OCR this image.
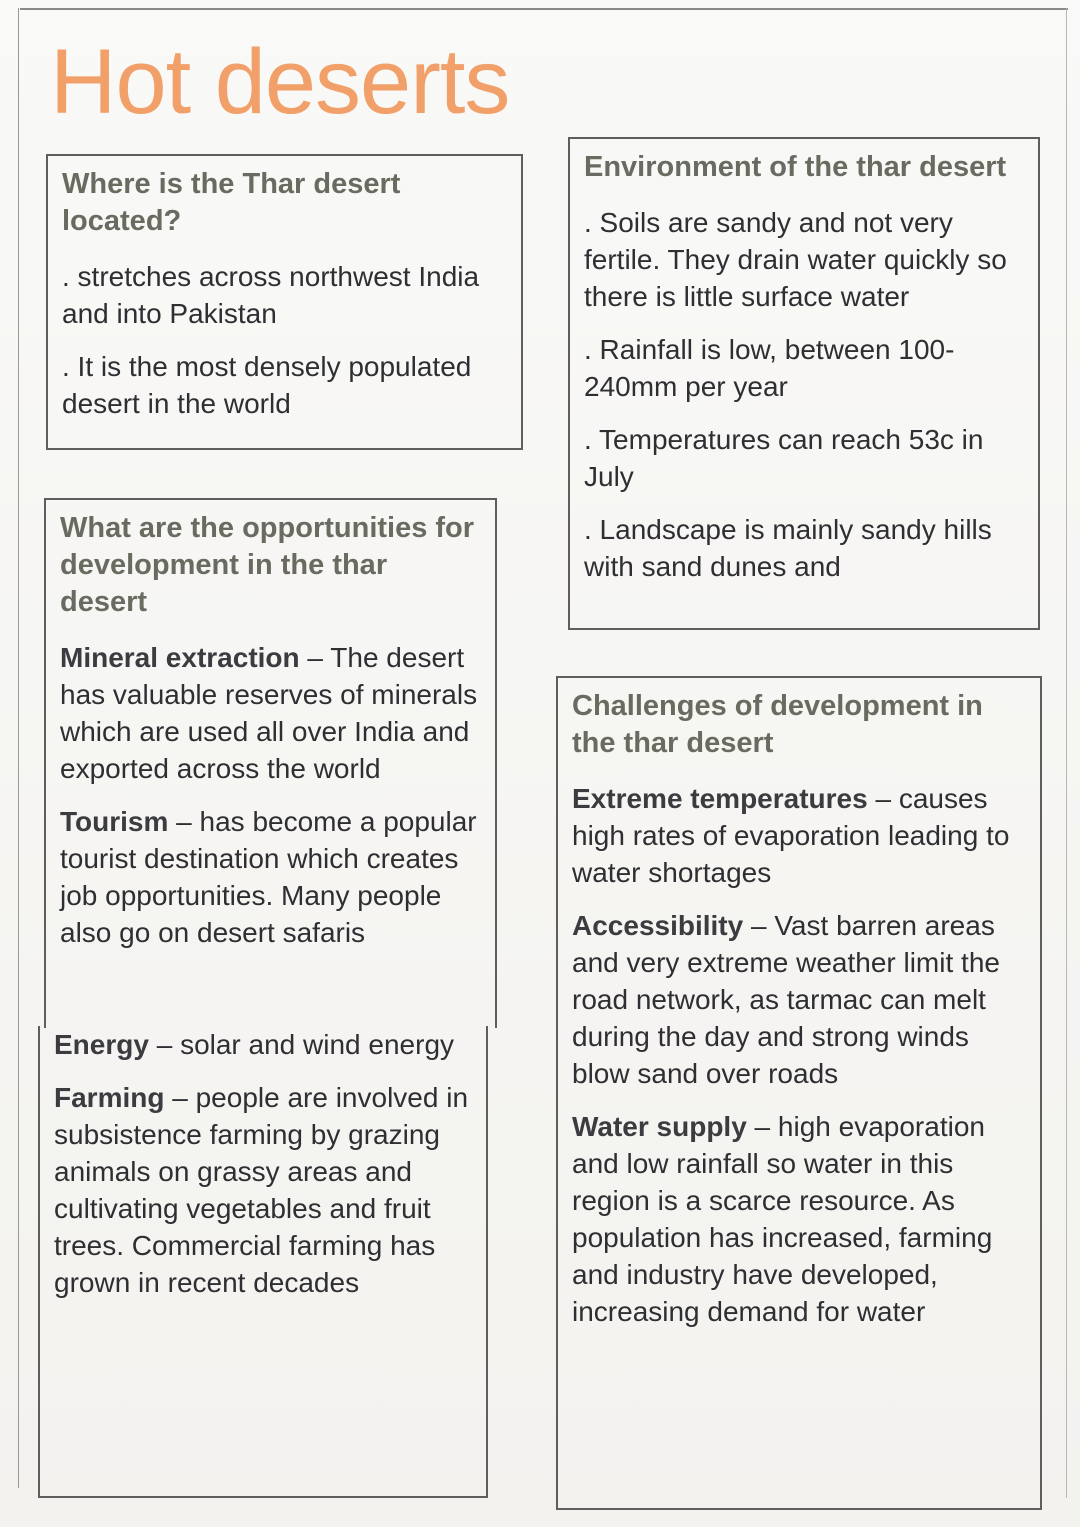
Hot deserts
Where is the Thar desert located?

. stretches across northwest India and into Pakistan

. It is the most densely populated desert in the world

Environment of the thar desert

. Soils are sandy and not very fertile. They drain water quickly so there is little surface water

. Rainfall is low, between 100-240mm per year

. Temperatures can reach 53c in July

. Landscape is mainly sandy hills with sand dunes and

What are the opportunities for development in the thar desert

Mineral extraction – The desert has valuable reserves of minerals which are used all over India and exported across the world

Tourism – has become a popular tourist destination which creates job opportunities. Many people also go on desert safaris

Energy – solar and wind energy

Farming – people are involved in subsistence farming by grazing animals on grassy areas and cultivating vegetables and fruit trees. Commercial farming has grown in recent decades

Challenges of development in the thar desert

Extreme temperatures – causes high rates of evaporation leading to water shortages

Accessibility – Vast barren areas and very extreme weather limit the road network, as tarmac can melt during the day and strong winds blow sand over roads

Water supply – high evaporation and low rainfall so water in this region is a scarce resource. As population has increased, farming and industry have developed, increasing demand for water
